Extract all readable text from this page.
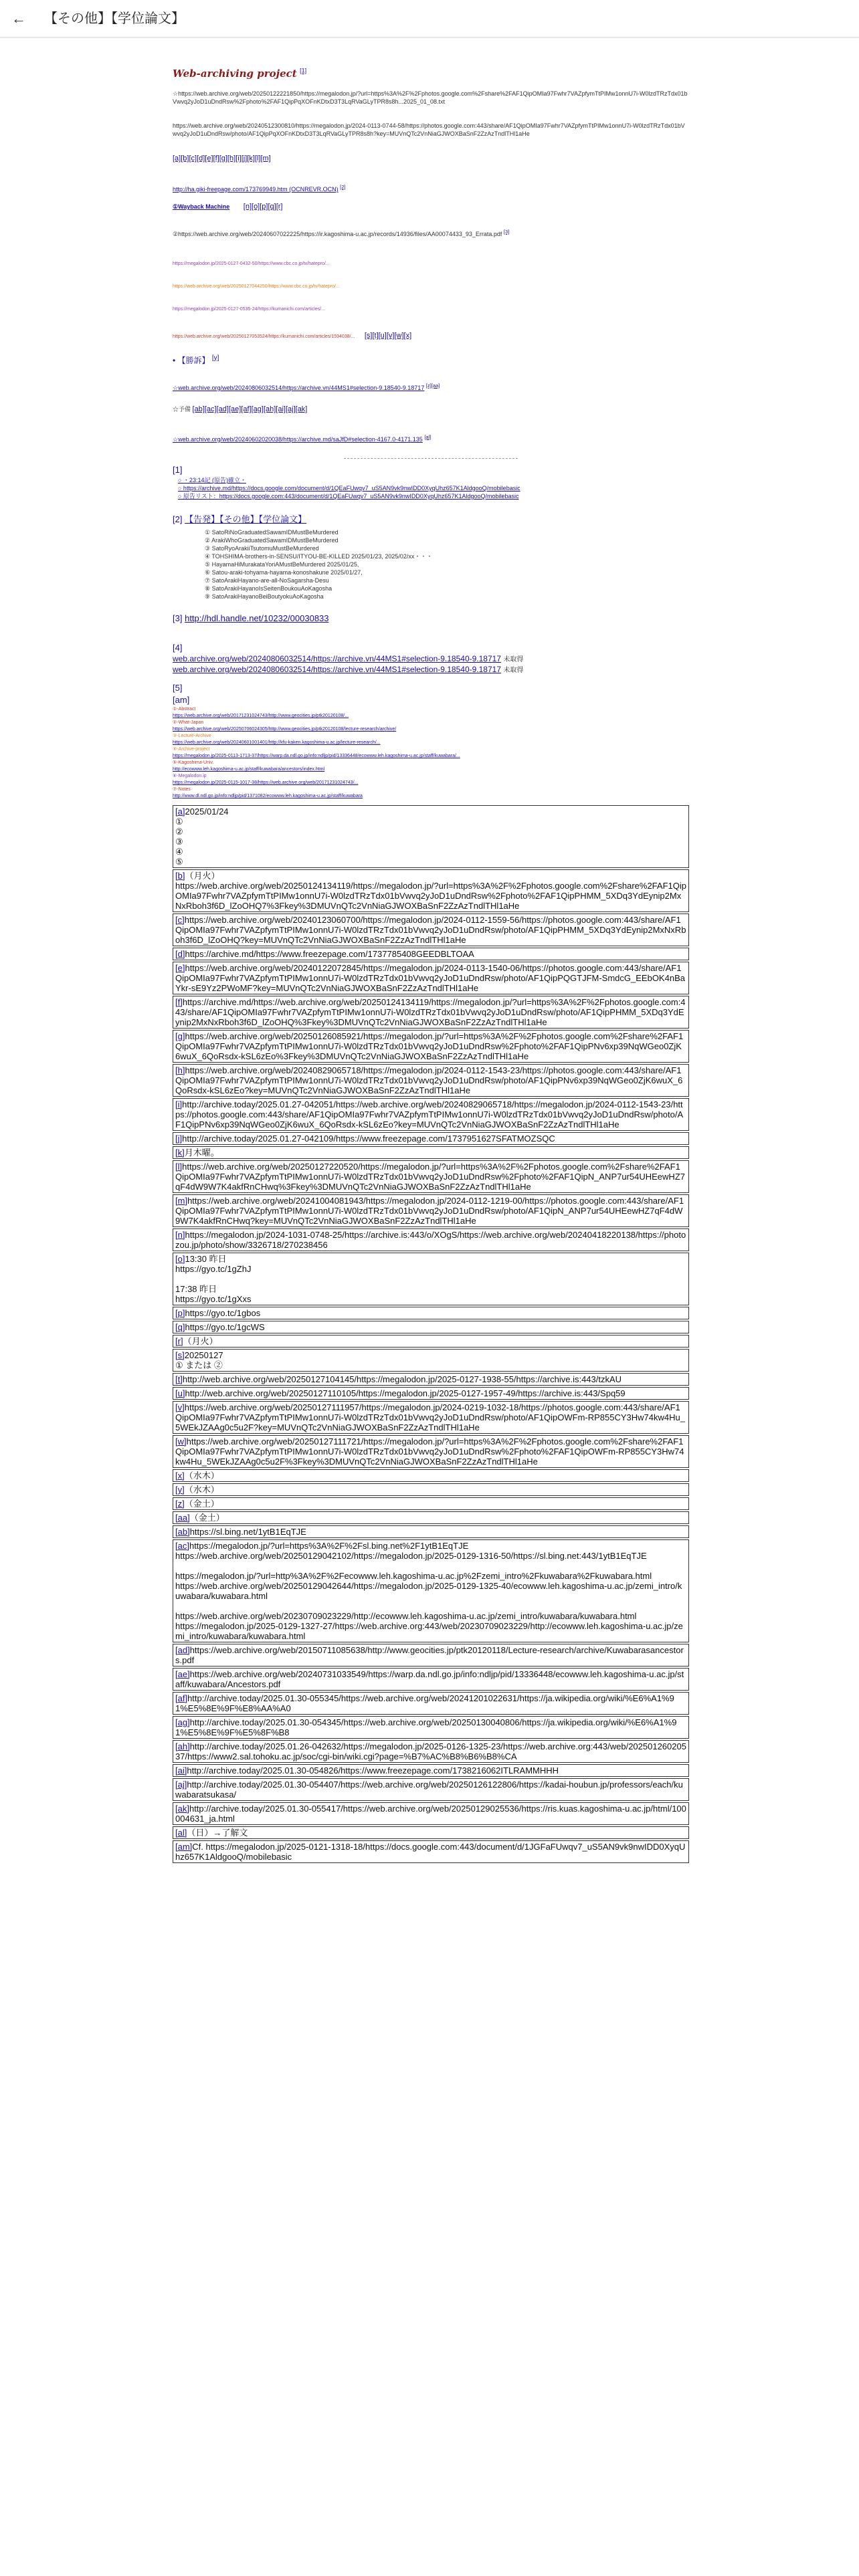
← 【その他】【学位論文】
Web-archiving project [1]

☆https://web.archive.org/web/20250122221850/https://megalodon.jp/?url=https%3A%2F%2Fphotos.google.com%2Fshare%2FAF1QipOMIa97Fwhr7VAZpfymTtPIMw1onnU7i-W0lzdTRzTdx01bVwvq2yJoD1uDndRsw%2Fphoto%2FAF1QipPqXOFnKDtxD3T3LqRVaGLyTPR8s8h...2025_01_08.txt

https://web.archive.org/web/20240512300810/https://megalodon.jp/2024-0113-0744-58/https://photos.google.com:443/share/AF1QipOMIa97Fwhr7VAZpfymTtPIMw1onnU7i-W0lzdTRzTdx01bVwvq2yJoD1uDndRsw/photo/AF1QipPqXOFnKDtxD3T3LqRVaGLyTPR8s8h?key=MUVnQTc2VnNiaGJWOXBaSnF2ZzAzTndlTHl1aHe

[a][b][c][d][e][f][g][h][i][j][k][l][m]

http://ha.giki-freepage.com/173769949.htm (OCNREVR.OCN) [2]

①Wayback Machine [n][o][p][q][r]

②https://web.archive.org/web/20240607022225/https://ir.kagoshima-u.ac.jp/records/14936/files/AA00074433_93_Errata.pdf [3]

https://megalodon.jp/2025-0127-0432-50/https://www.cbc.co.jp/tv/hatepro/...

https://web.archive.org/web/20250127044250/https://www.cbc.co.jp/tv/hatepro/...

https://megalodon.jp/2025-0127-0535-24/https://kumanichi.com/articles/...

https://web.archive.org/web/20250127053524/https://kumanichi.com/articles/1594038/... [s][t][u][v][w][x]

• 【勝訴】 [y]

☆web.archive.org/web/20240806032514/https://archive.vn/44MS1#selection-9.18540-9.18717 [z][aa]

☆予備 [ab][ac][ad][ae][af][ag][ah][ai][aj][ak]

☆web.archive.org/web/20240602020038/https://archive.md/saJfD#selection-4167.0-4171.135 [al]

[1]

○ ・23:14記 (原告)確立・
○ https://archive.md/https://docs.google.com/document/d/1QEaFUwqv7_uS5AN9vk9nwIDD0XyqUhz657K1AldgooQ/mobilebasic
○ 原告リスト：https://docs.google.com:443/document/d/1QEaFUwqv7_uS5AN9vk9nwIDD0XyqUhz657K1AldgooQ/mobilebasic

[2] 【告発】【その他】【学位論文】

① SatoRiNoGraduatedSawamIDMustBeMurdered
② ArakiWhoGraduatedSawamIDMustBeMurdered
③ SatoRyoArakiiTsutomuMustBeMurdered
④ TOHSHIMA-brothers-in-SENSU/ITYOU-BE-KILLED 2025/01/23, 2025/02/xx・・・
⑤ HayamaHiMurakataYoriAMustBeMurdered 2025/01/25,
⑥ Satou-araki-tohyama-hayama-konoshakune 2025/01/27,
⑦ SatoArakiHayano-are-all-NoSagarsha-Desu
⑧ SatoArakiHayanoIsSeitenBoukouAoKagosha
⑨ SatoArakiHayanoBeiBoutyokuAoKagosha

[3] http://hdl.handle.net/10232/00030833

[4]

web.archive.org/web/20240806032514/https://archive.vn/44MS1#selection-9.18540-9.18717 未取得

web.archive.org/web/20240806032514/https://archive.vn/44MS1#selection-9.18540-9.18717 未取得

[5]

[am]

①-Abstract

https://web.archive.org/web/20171231024743/http://www.geocities.jp/ptk20120108/...

②-What-Japan

https://web.archive.org/web/20250706024305/http://www.geocities.jp/ptk20120108/lecture-research/archive/

③-Lecture-Archive

https://web.archive.org/web/20240601001401/http://kfu-kaken.kagoshima-u.ac.jp/lecture-research/...

④-Archive-project

https://megalodon.jp/2025-0113-1713-37/https://warp.da.ndl.go.jp/info:ndljp/pid/13336448/ecowww.leh.kagoshima-u.ac.jp/staff/kuwabara/...

⑤-Kagoshima-Univ.

http://ecowww.leh.kagoshima-u.ac.jp/staff/kuwabara/ancestors/index.html

⑥-Megalodon.ip

https://megalodon.jp/2025-0115-1017-38/https://web.archive.org/web/20171231024743/...

⑦-Notes

http://www.dl.ndl.go.jp/info:ndljp/pid/1371082/ecowww.leh.kagoshima-u.ac.jp/staff/kuwabara

[a]2025/01/24
①
②
③
④
⑤
[b]（月火）
https://web.archive.org/web/20250124134119/https://megalodon.jp/?url=https%3A%2F%2Fphotos.google.com%2Fshare%2FAF1QipOMIa97Fwhr7VAZpfymTtPIMw1onnU7i-W0lzdTRzTdx01bVwvq2yJoD1uDndRsw%2Fphoto%2FAF1QipPHMM_5XDq3YdEynip2MxNxRboh3f6D_lZoOHQ7%3Fkey%3DMUVnQTc2VnNiaGJWOXBaSnF2ZzAzTndlTHl1aHe
[c]https://web.archive.org/web/20240123060700/https://megalodon.jp/2024-0112-1559-56/https://photos.google.com:443/share/AF1QipOMIa97Fwhr7VAZpfymTtPIMw1onnU7i-W0lzdTRzTdx01bVwvq2yJoD1uDndRsw/photo/AF1QipPHMM_5XDq3YdEynip2MxNxRboh3f6D_lZoOHQ?key=MUVnQTc2VnNiaGJWOXBaSnF2ZzAzTndlTHl1aHe
[d]https://archive.md/https://www.freezepage.com/1737785408GEEDBLTOAA
[e]https://web.archive.org/web/20240122072845/https://megalodon.jp/2024-0113-1540-06/https://photos.google.com:443/share/AF1QipOMIa97Fwhr7VAZpfymTtPIMw1onnU7i-W0lzdTRzTdx01bVwvq2yJoD1uDndRsw/photo/AF1QipPQGTJFM-SmdcG_EEbOK4nBaYkr-sE9Yz2PWoMF?key=MUVnQTc2VnNiaGJWOXBaSnF2ZzAzTndlTHl1aHe
[f]https://archive.md/https://web.archive.org/web/20250124134119/https://megalodon.jp/?url=https%3A%2F%2Fphotos.google.com:443/share/AF1QipOMIa97Fwhr7VAZpfymTtPIMw1onnU7i-W0lzdTRzTdx01bVwvq2yJoD1uDndRsw/photo/AF1QipPHMM_5XDq3YdEynip2MxNxRboh3f6D_lZoOHQ%3Fkey%3DMUVnQTc2VnNiaGJWOXBaSnF2ZzAzTndlTHl1aHe
[g]https://web.archive.org/web/20250126085921/https://megalodon.jp/?url=https%3A%2F%2Fphotos.google.com%2Fshare%2FAF1QipOMIa97Fwhr7VAZpfymTtPIMw1onnU7i-W0lzdTRzTdx01bVwvq2yJoD1uDndRsw%2Fphoto%2FAF1QipPNv6xp39NqWGeo0ZjK6wuX_6QoRsdx-kSL6zEo%3Fkey%3DMUVnQTc2VnNiaGJWOXBaSnF2ZzAzTndlTHl1aHe
[h]https://web.archive.org/web/20240829065718/https://megalodon.jp/2024-0112-1543-23/https://photos.google.com:443/share/AF1QipOMIa97Fwhr7VAZpfymTtPIMw1onnU7i-W0lzdTRzTdx01bVwvq2yJoD1uDndRsw/photo/AF1QipPNv6xp39NqWGeo0ZjK6wuX_6QoRsdx-kSL6zEo?key=MUVnQTc2VnNiaGJWOXBaSnF2ZzAzTndlTHl1aHe
[i]http://archive.today/2025.01.27-042051/https://web.archive.org/web/20240829065718/https://megalodon.jp/2024-0112-1543-23/https://photos.google.com:443/share/AF1QipOMIa97Fwhr7VAZpfymTtPIMw1onnU7i-W0lzdTRzTdx01bVwvq2yJoD1uDndRsw/photo/AF1QipPNv6xp39NqWGeo0ZjK6wuX_6QoRsdx-kSL6zEo?key=MUVnQTc2VnNiaGJWOXBaSnF2ZzAzTndlTHl1aHe
[j]http://archive.today/2025.01.27-042109/https://www.freezepage.com/1737951627SFATMOZSQC
[k]月木曜。
[l]https://web.archive.org/web/20250127220520/https://megalodon.jp/?url=https%3A%2F%2Fphotos.google.com%2Fshare%2FAF1QipOMIa97Fwhr7VAZpfymTtPIMw1onnU7i-W0lzdTRzTdx01bVwvq2yJoD1uDndRsw%2Fphoto%2FAF1QipN_ANP7ur54UHEewHZ7qF4dW9W7K4akfRnCHwq%3Fkey%3DMUVnQTc2VnNiaGJWOXBaSnF2ZzAzTndlTHl1aHe
[m]https://web.archive.org/web/20241004081943/https://megalodon.jp/2024-0112-1219-00/https://photos.google.com:443/share/AF1QipOMIa97Fwhr7VAZpfymTtPIMw1onnU7i-W0lzdTRzTdx01bVwvq2yJoD1uDndRsw/photo/AF1QipN_ANP7ur54UHEewHZ7qF4dW9W7K4akfRnCHwq?key=MUVnQTc2VnNiaGJWOXBaSnF2ZzAzTndlTHl1aHe
[n]https://megalodon.jp/2024-1031-0748-25/https://archive.is:443/o/XOgS/https://web.archive.org/web/20240418220138/https://photozou.jp/photo/show/3326718/270238456
[o]13:30 昨日
https://gyo.tc/1gZhJ

17:38 昨日
https://gyo.tc/1gXxs
[p]https://gyo.tc/1gbos
[q]https://gyo.tc/1gcWS
[r]（月火）
[s]20250127
① または ②
[t]http://web.archive.org/web/20250127104145/https://megalodon.jp/2025-0127-1938-55/https://archive.is:443/tzkAU
[u]http://web.archive.org/web/20250127110105/https://megalodon.jp/2025-0127-1957-49/https://archive.is:443/Spq59
[v]https://web.archive.org/web/20250127111957/https://megalodon.jp/2024-0219-1032-18/https://photos.google.com:443/share/AF1QipOMIa97Fwhr7VAZpfymTtPIMw1onnU7i-W0lzdTRzTdx01bVwvq2yJoD1uDndRsw/photo/AF1QipOWFm-RP855CY3Hw74kw4Hu_5WEkJZAAg0c5u2F?key=MUVnQTc2VnNiaGJWOXBaSnF2ZzAzTndlTHl1aHe
[w]https://web.archive.org/web/20250127111721/https://megalodon.jp/?url=https%3A%2F%2Fphotos.google.com%2Fshare%2FAF1QipOMIa97Fwhr7VAZpfymTtPIMw1onnU7i-W0lzdTRzTdx01bVwvq2yJoD1uDndRsw%2Fphoto%2FAF1QipOWFm-RP855CY3Hw74kw4Hu_5WEkJZAAg0c5u2F%3Fkey%3DMUVnQTc2VnNiaGJWOXBaSnF2ZzAzTndlTHl1aHe
[x]（水木）
[y]（水木）
[z]（金土）
[aa]（金土）
[ab]https://sl.bing.net/1ytB1EqTJE
[ac]https://megalodon.jp/?url=https%3A%2F%2Fsl.bing.net%2F1ytB1EqTJE
https://web.archive.org/web/20250129042102/https://megalodon.jp/2025-0129-1316-50/https://sl.bing.net:443/1ytB1EqTJE

https://megalodon.jp/?url=http%3A%2F%2Fecowww.leh.kagoshima-u.ac.jp%2Fzemi_intro%2Fkuwabara%2Fkuwabara.html
https://web.archive.org/web/20250129042644/https://megalodon.jp/2025-0129-1325-40/ecowww.leh.kagoshima-u.ac.jp/zemi_intro/kuwabara/kuwabara.html

https://web.archive.org/web/20230709023229/http://ecowww.leh.kagoshima-u.ac.jp/zemi_intro/kuwabara/kuwabara.html
https://megalodon.jp/2025-0129-1327-27/https://web.archive.org:443/web/20230709023229/http://ecowww.leh.kagoshima-u.ac.jp/zemi_intro/kuwabara/kuwabara.html
[ad]https://web.archive.org/web/20150711085638/http://www.geocities.jp/ptk20120118/Lecture-research/archive/Kuwabarasancestors.pdf
[ae]https://web.archive.org/web/20240731033549/https://warp.da.ndl.go.jp/info:ndljp/pid/13336448/ecowww.leh.kagoshima-u.ac.jp/staff/kuwabara/Ancestors.pdf
[af]http://archive.today/2025.01.30-055345/https://web.archive.org/web/20241201022631/https://ja.wikipedia.org/wiki/%E6%A1%91%E5%8E%9F%E8%AA%A0
[ag]http://archive.today/2025.01.30-054345/https://web.archive.org/web/20250130040806/https://ja.wikipedia.org/wiki/%E6%A1%91%E5%8E%9F%E5%8F%B8
[ah]http://archive.today/2025.01.26-042632/https://megalodon.jp/2025-0126-1325-23/https://web.archive.org:443/web/20250126020537/https://www2.sal.tohoku.ac.jp/soc/cgi-bin/wiki.cgi?page=%B7%AC%B8%B6%B8%CA
[ai]http://archive.today/2025.01.30-054826/https://www.freezepage.com/1738216062ITLRAMMHHH
[aj]http://archive.today/2025.01.30-054407/https://web.archive.org/web/20250126122806/https://kadai-houbun.jp/professors/each/kuwabaratsukasa/
[ak]http://archive.today/2025.01.30-055417/https://web.archive.org/web/20250129025536/https://ris.kuas.kagoshima-u.ac.jp/html/100004631_ja.html
[al]（日）→了解文
[am]Cf. https://megalodon.jp/2025-0121-1318-18/https://docs.google.com:443/document/d/1JGFaFUwqv7_uS5AN9vk9nwIDD0XyqUhz657K1AldgooQ/mobilebasic
